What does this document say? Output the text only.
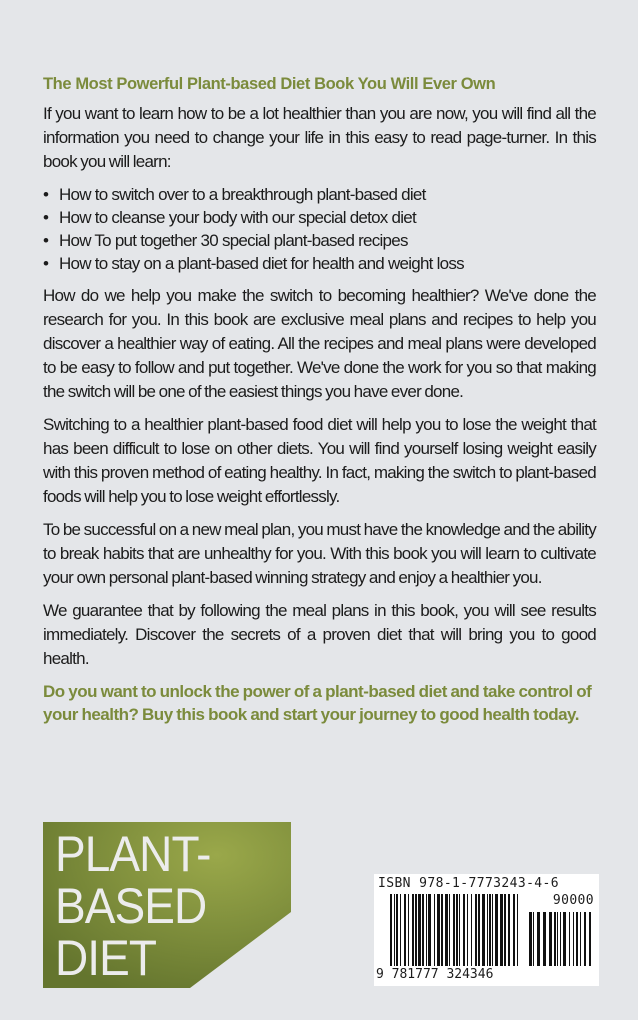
The Most Powerful Plant-based Diet Book You Will Ever Own

If you want to learn how to be a lot healthier than you are now, you will find all the information you need to change your life in this easy to read page-turner. In this book you will learn:

• How to switch over to a breakthrough plant-based diet
• How to cleanse your body with our special detox diet
• How To put together 30 special plant-based recipes
• How to stay on a plant-based diet for health and weight loss

How do we help you make the switch to becoming healthier? We've done the research for you. In this book are exclusive meal plans and recipes to help you discover a healthier way of eating. All the recipes and meal plans were developed to be easy to follow and put together. We've done the work for you so that making the switch will be one of the easiest things you have ever done.

Switching to a healthier plant-based food diet will help you to lose the weight that has been difficult to lose on other diets. You will find yourself losing weight easily with this proven method of eating healthy. In fact, making the switch to plant-based foods will help you to lose weight effortlessly.

To be successful on a new meal plan, you must have the knowledge and the ability to break habits that are unhealthy for you. With this book you will learn to cultivate your own personal plant-based winning strategy and enjoy a healthier you.

We guarantee that by following the meal plans in this book, you will see results immediately. Discover the secrets of a proven diet that will bring you to good health.

Do you want to unlock the power of a plant-based diet and take control of your health? Buy this book and start your journey to good health today.

PLANT-
BASED
DIET
ISBN 978-1-7773243-4-6
90000
9 781777 324346
